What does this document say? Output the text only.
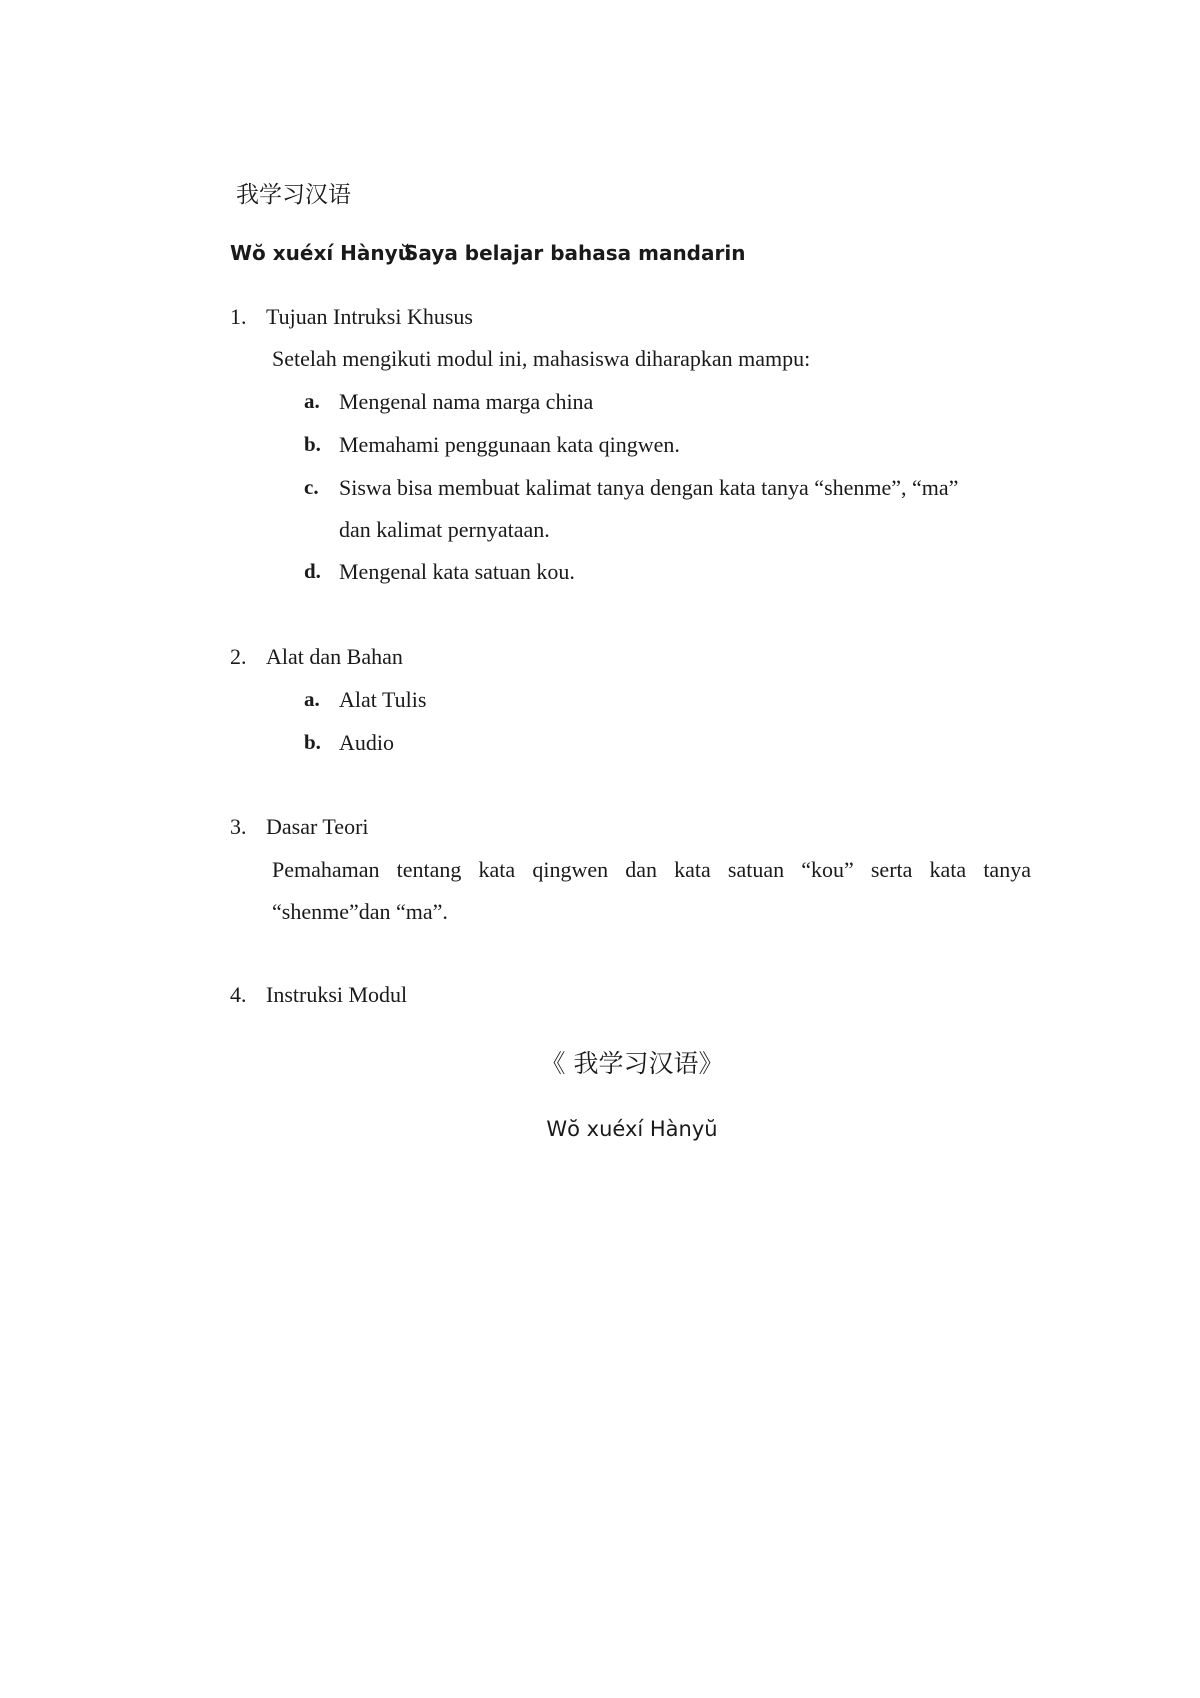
我学习汉语
Wŏ xuéxí Hànyŭ
Saya belajar bahasa mandarin
1. Tujuan Intruksi Khusus
Setelah mengikuti modul ini, mahasiswa diharapkan mampu:
a. Mengenal nama marga china
b. Memahami penggunaan kata qingwen.
c. Siswa bisa membuat kalimat tanya dengan kata tanya “shenme”, “ma”
dan kalimat pernyataan.
d. Mengenal kata satuan kou.
2. Alat dan Bahan
a. Alat Tulis
b. Audio
3. Dasar Teori
Pemahaman tentang kata qingwen dan kata satuan “kou” serta kata tanya
“shenme”dan “ma”.
4. Instruksi Modul
《 我学习汉语》
Wŏ xuéxí Hànyŭ
